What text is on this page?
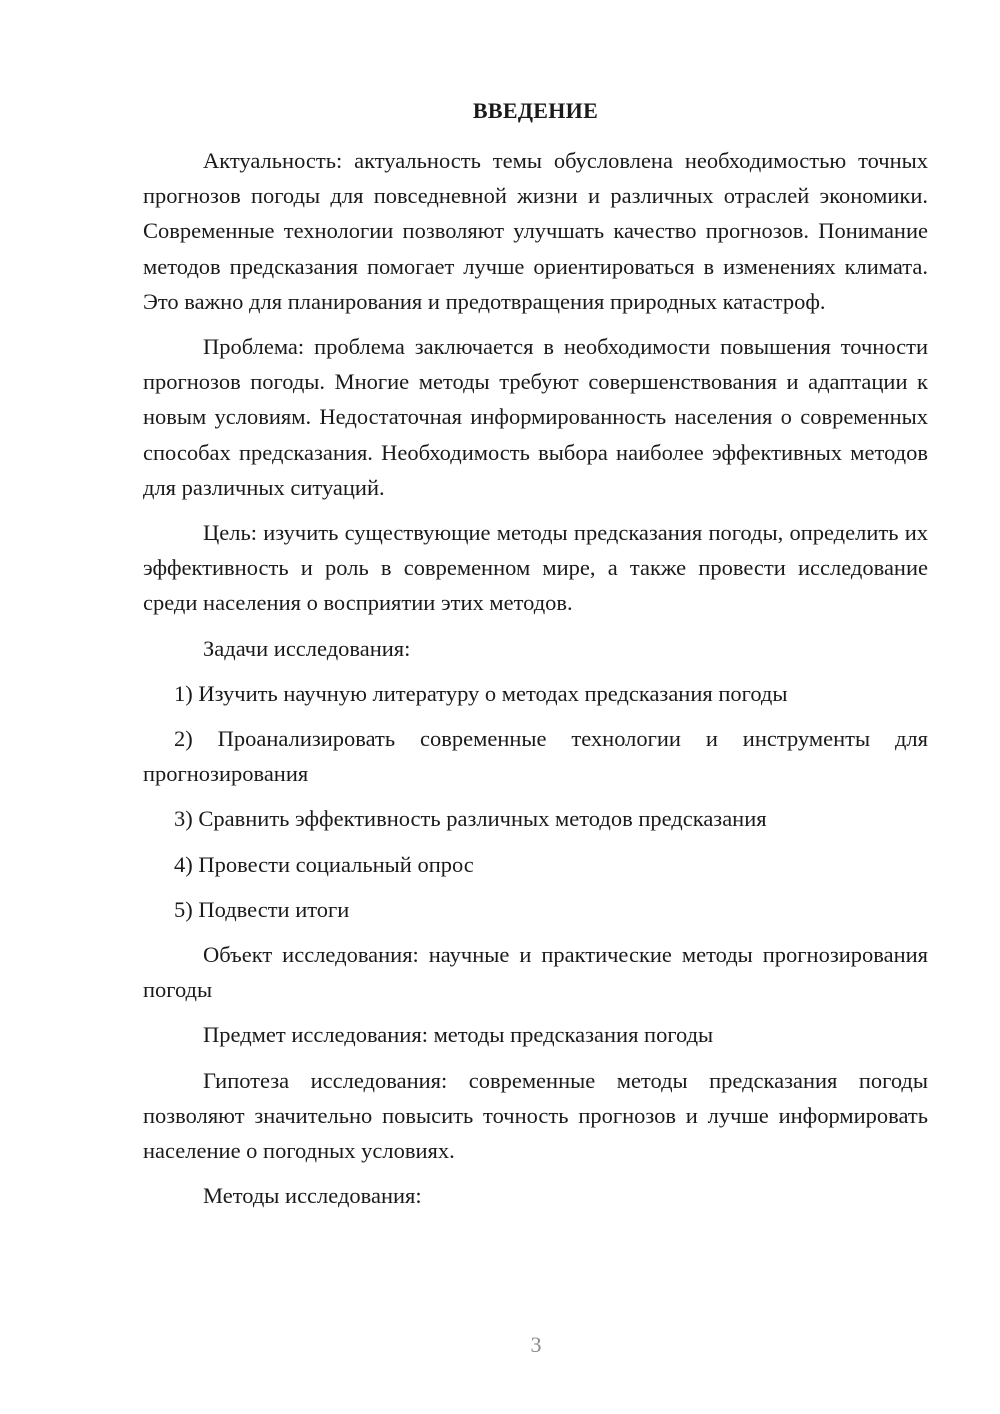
ВВЕДЕНИЕ

Актуальность: актуальность темы обусловлена необходимостью точных прогнозов погоды для повседневной жизни и различных отраслей экономики. Современные технологии позволяют улучшать качество прогнозов. Понимание методов предсказания помогает лучше ориентироваться в изменениях климата. Это важно для планирования и предотвращения природных катастроф.

Проблема: проблема заключается в необходимости повышения точности прогнозов погоды. Многие методы требуют совершенствования и адаптации к новым условиям. Недостаточная информированность населения о современных способах предсказания. Необходимость выбора наиболее эффективных методов для различных ситуаций.

Цель: изучить существующие методы предсказания погоды, определить их эффективность и роль в современном мире, а также провести исследование среди населения о восприятии этих методов.

Задачи исследования:

1) Изучить научную литературу о методах предсказания погоды

2) Проанализировать современные технологии и инструменты для прогнозирования

3) Сравнить эффективность различных методов предсказания

4) Провести социальный опрос

5) Подвести итоги

Объект исследования: научные и практические методы прогнозирования погоды

Предмет исследования: методы предсказания погоды

Гипотеза исследования: современные методы предсказания погоды позволяют значительно повысить точность прогнозов и лучше информировать население о погодных условиях.

Методы исследования:

3
